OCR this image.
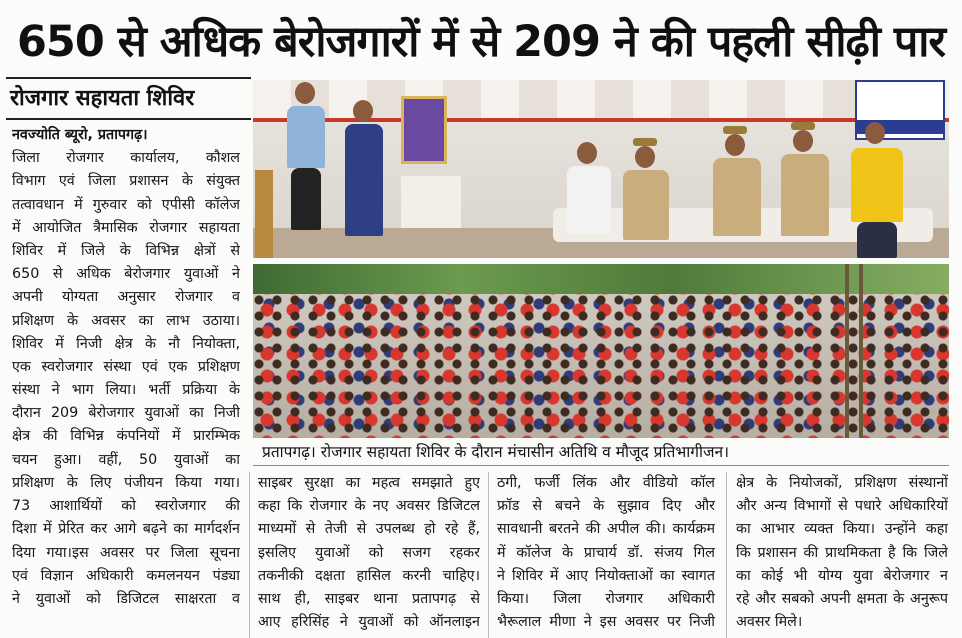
650 से अधिक बेरोजगारों में से 209 ने की पहली सीढ़ी पार
रोजगार सहायता शिविर
नवज्योति ब्यूरो, प्रतापगढ़।
जिला रोजगार कार्यालय, कौशल
विभाग एवं जिला प्रशासन के संयुक्त
तत्वावधान में गुरुवार को एपीसी कॉलेज
में आयोजित त्रैमासिक रोजगार सहायता
शिविर में जिले के विभिन्न क्षेत्रों से
650 से अधिक बेरोजगार युवाओं ने
अपनी योग्यता अनुसार रोजगार व
प्रशिक्षण के अवसर का लाभ उठाया।
शिविर में निजी क्षेत्र के नौ नियोक्ता,
एक स्वरोजगार संस्था एवं एक प्रशिक्षण
संस्था ने भाग लिया। भर्ती प्रक्रिया के
दौरान 209 बेरोजगार युवाओं का निजी
क्षेत्र की विभिन्न कंपनियों में प्रारम्भिक
चयन हुआ। वहीं, 50 युवाओं का
प्रशिक्षण के लिए पंजीयन किया गया।
73 आशार्थियों को स्वरोजगार की
दिशा में प्रेरित कर आगे बढ़ने का मार्गदर्शन
दिया गया।इस अवसर पर जिला सूचना
एवं विज्ञान अधिकारी कमलनयन पंड्या
ने युवाओं को डिजिटल साक्षरता व
साइबर सुरक्षा का महत्व समझाते हुए
कहा कि रोजगार के नए अवसर डिजिटल
माध्यमों से तेजी से उपलब्ध हो रहे हैं,
इसलिए युवाओं को सजग रहकर
तकनीकी दक्षता हासिल करनी चाहिए।
साथ ही, साइबर थाना प्रतापगढ़ से
आए हरिसिंह ने युवाओं को ऑनलाइन
ठगी, फर्जी लिंक और वीडियो कॉल
फ्रॉड से बचने के सुझाव दिए और
सावधानी बरतने की अपील की। कार्यक्रम
में कॉलेज के प्राचार्य डॉ. संजय गिल
ने शिविर में आए नियोक्ताओं का स्वागत
किया। जिला रोजगार अधिकारी
भैरूलाल मीणा ने इस अवसर पर निजी
क्षेत्र के नियोजकों, प्रशिक्षण संस्थानों
और अन्य विभागों से पधारे अधिकारियों
का आभार व्यक्त किया। उन्होंने कहा
कि प्रशासन की प्राथमिकता है कि जिले
का कोई भी योग्य युवा बेरोजगार न
रहे और सबको अपनी क्षमता के अनुरूप
अवसर मिले।
प्रतापगढ़। रोजगार सहायता शिविर के दौरान मंचासीन अतिथि व मौजूद प्रतिभागीजन।
